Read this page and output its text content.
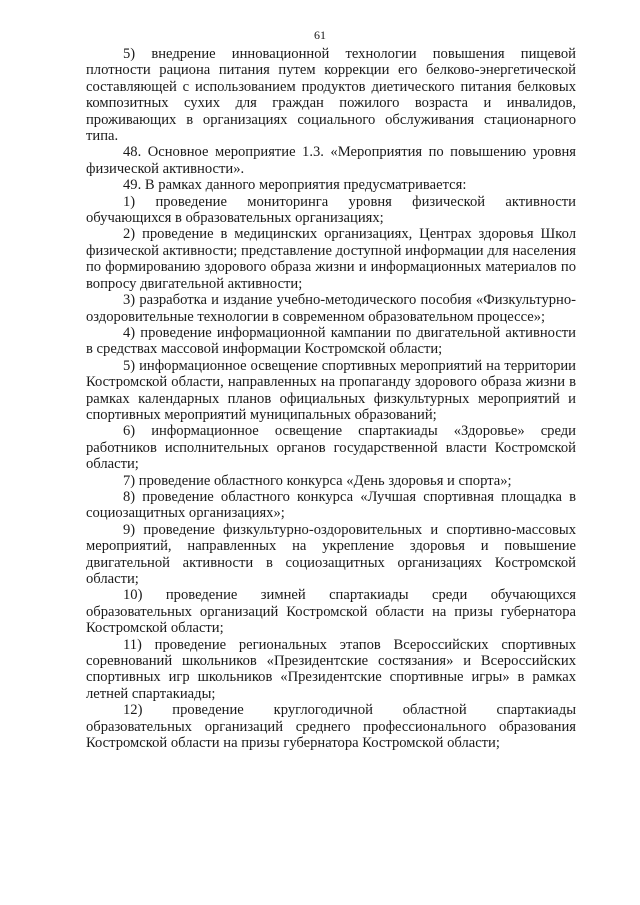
61

5) внедрение инновационной технологии повышения пищевой плотности рациона питания путем коррекции его белково-энергетической составляющей с использованием продуктов диетического питания белковых композитных сухих для граждан пожилого возраста и инвалидов, проживающих в организациях социального обслуживания стационарного типа.

48. Основное мероприятие 1.3. «Мероприятия по повышению уровня физической активности».

49. В рамках данного мероприятия предусматривается:

1) проведение мониторинга уровня физической активности обучающихся в образовательных организациях;

2) проведение в медицинских организациях, Центрах здоровья Школ физической активности; представление доступной информации для населения по формированию здорового образа жизни и информационных материалов по вопросу двигательной активности;

3) разработка и издание учебно-методического пособия «Физкультурно-оздоровительные технологии в современном образовательном процессе»;

4) проведение информационной кампании по двигательной активности в средствах массовой информации Костромской области;

5) информационное освещение спортивных мероприятий на территории Костромской области, направленных на пропаганду здорового образа жизни в рамках календарных планов официальных физкультурных мероприятий и спортивных мероприятий муниципальных образований;

6) информационное освещение спартакиады «Здоровье» среди работников исполнительных органов государственной власти Костромской области;

7) проведение областного конкурса «День здоровья и спорта»;

8) проведение областного конкурса «Лучшая спортивная площадка в социозащитных организациях»;

9) проведение физкультурно-оздоровительных и спортивно-массовых мероприятий, направленных на укрепление здоровья и повышение двигательной активности в социозащитных организациях Костромской области;

10) проведение зимней спартакиады среди обучающихся образовательных организаций Костромской области на призы губернатора Костромской области;

11) проведение региональных этапов Всероссийских спортивных соревнований школьников «Президентские состязания» и Всероссийских спортивных игр школьников «Президентские спортивные игры» в рамках летней спартакиады;

12) проведение круглогодичной областной спартакиады образовательных организаций среднего профессионального образования Костромской области на призы губернатора Костромской области;
